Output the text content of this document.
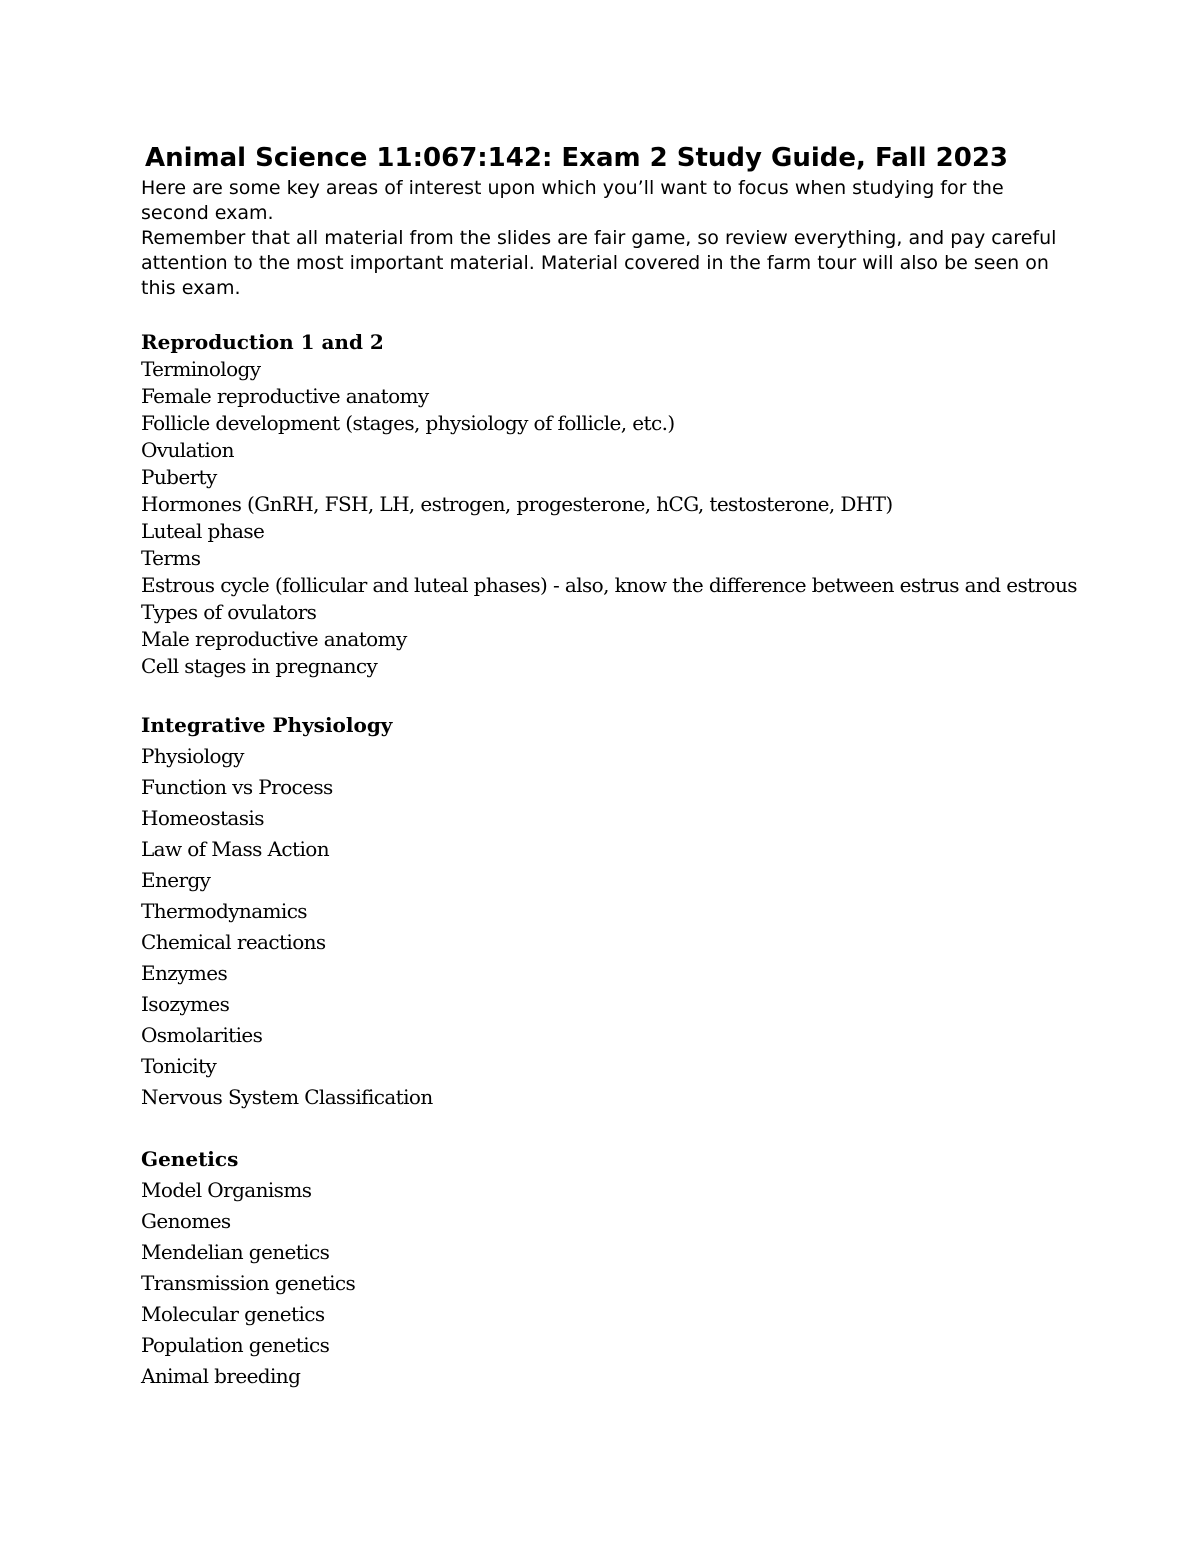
Animal Science 11:067:142: Exam 2 Study Guide, Fall 2023

Here are some key areas of interest upon which you’ll want to focus when studying for the second exam.

Remember that all material from the slides are fair game, so review everything, and pay careful attention to the most important material. Material covered in the farm tour will also be seen on this exam.

Reproduction 1 and 2
Terminology
Female reproductive anatomy
Follicle development (stages, physiology of follicle, etc.)
Ovulation
Puberty
Hormones (GnRH, FSH, LH, estrogen, progesterone, hCG, testosterone, DHT)
Luteal phase
Terms
Estrous cycle (follicular and luteal phases) - also, know the difference between estrus and estrous
Types of ovulators
Male reproductive anatomy
Cell stages in pregnancy
Integrative Physiology
Physiology
Function vs Process
Homeostasis
Law of Mass Action
Energy
Thermodynamics
Chemical reactions
Enzymes
Isozymes
Osmolarities
Tonicity
Nervous System Classification
Genetics
Model Organisms
Genomes
Mendelian genetics
Transmission genetics
Molecular genetics
Population genetics
Animal breeding
